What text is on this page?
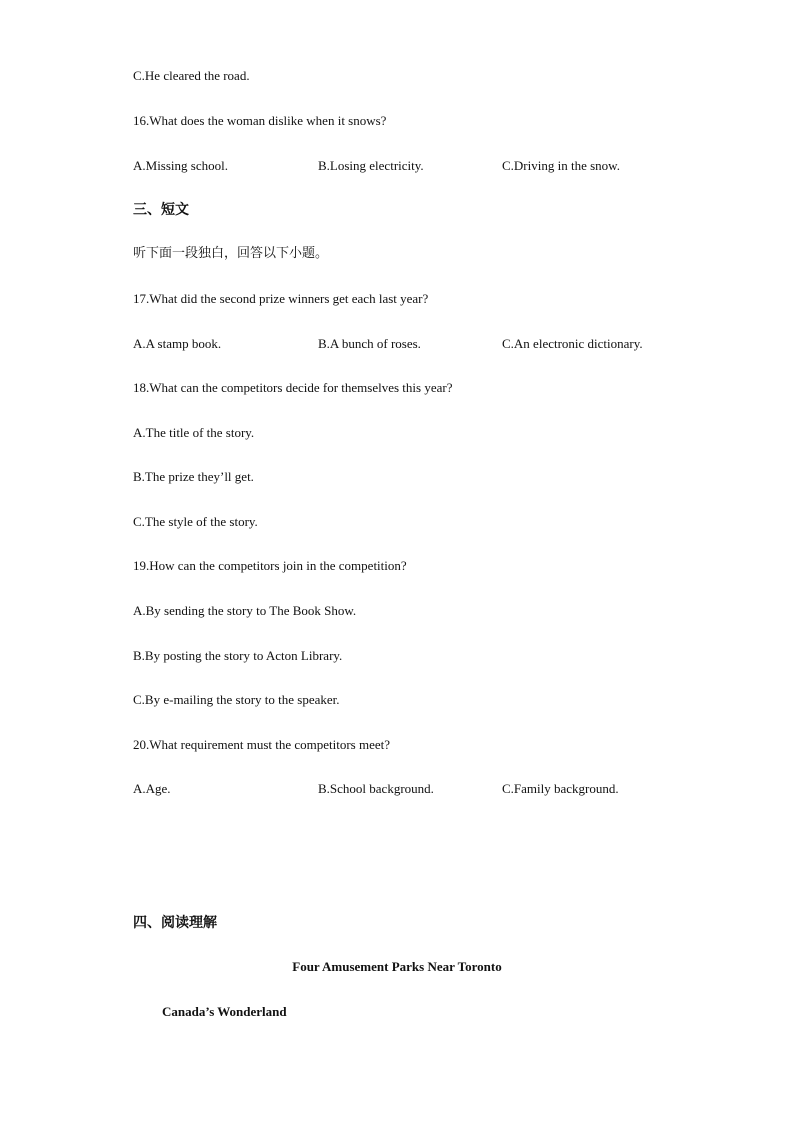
C.He cleared the road.
16.What does the woman dislike when it snows?
A.Missing school.	B.Losing electricity.	C.Driving in the snow.
三、短文
听下面一段独白，回答以下小题。
17.What did the second prize winners get each last year?
A.A stamp book.	B.A bunch of roses.	C.An electronic dictionary.
18.What can the competitors decide for themselves this year?
A.The title of the story.
B.The prize they’ll get.
C.The style of the story.
19.How can the competitors join in the competition?
A.By sending the story to The Book Show.
B.By posting the story to Acton Library.
C.By e-mailing the story to the speaker.
20.What requirement must the competitors meet?
A.Age.	B.School background.	C.Family background.
四、阅读理解
Four Amusement Parks Near Toronto
Canada’s Wonderland
